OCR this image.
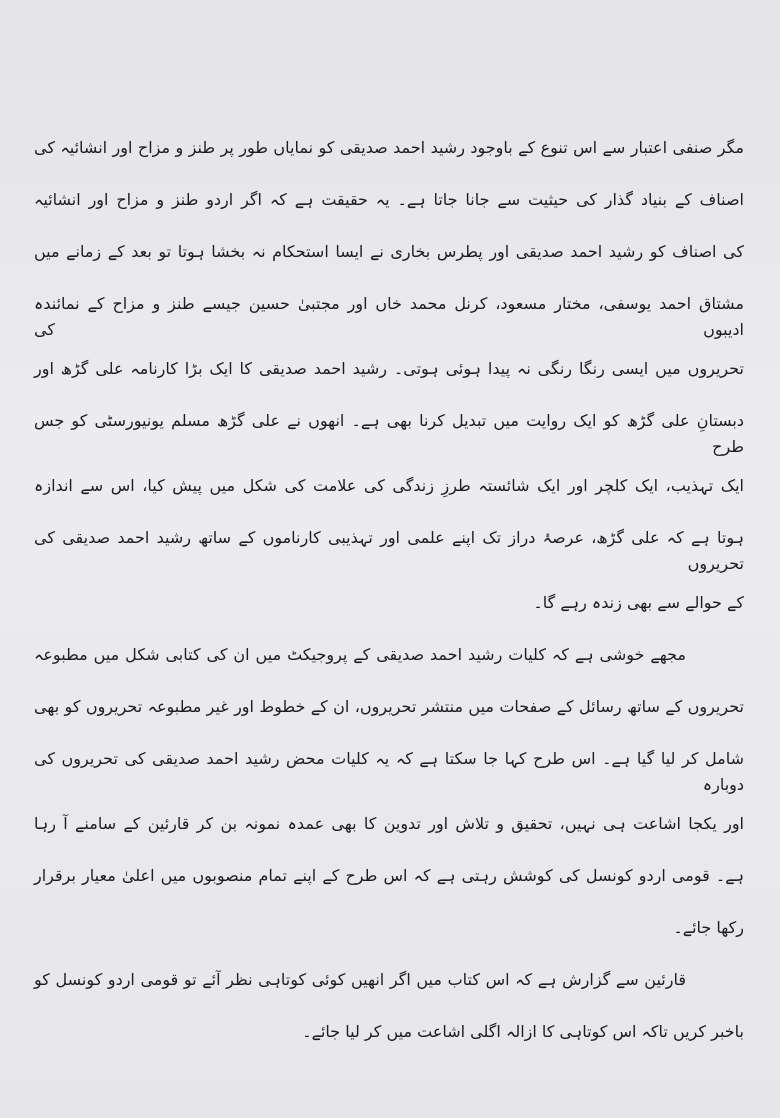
مگر صنفی اعتبار سے اس تنوع کے باوجود رشید احمد صدیقی کو نمایاں طور پر طنز و مزاح اور انشائیہ کی
اصناف کے بنیاد گذار کی حیثیت سے جانا جاتا ہے۔ یہ حقیقت ہے کہ اگر اردو طنز و مزاح اور انشائیہ
کی اصناف کو رشید احمد صدیقی اور پطرس بخاری نے ایسا استحکام نہ بخشا ہوتا تو بعد کے زمانے میں
مشتاق احمد یوسفی، مختار مسعود، کرنل محمد خاں اور مجتبیٰ حسین جیسے طنز و مزاح کے نمائندہ ادیبوں کی
تحریروں میں ایسی رنگا رنگی نہ پیدا ہوئی ہوتی۔ رشید احمد صدیقی کا ایک بڑا کارنامہ علی گڑھ اور
دبستانِ علی گڑھ کو ایک روایت میں تبدیل کرنا بھی ہے۔ انھوں نے علی گڑھ مسلم یونیورسٹی کو جس طرح
ایک تہذیب، ایک کلچر اور ایک شائستہ طرزِ زندگی کی علامت کی شکل میں پیش کیا، اس سے اندازہ
ہوتا ہے کہ علی گڑھ، عرصۂ دراز تک اپنے علمی اور تہذیبی کارناموں کے ساتھ رشید احمد صدیقی کی تحریروں
کے حوالے سے بھی زندہ رہے گا۔
مجھے خوشی ہے کہ کلیات رشید احمد صدیقی کے پروجیکٹ میں ان کی کتابی شکل میں مطبوعہ
تحریروں کے ساتھ رسائل کے صفحات میں منتشر تحریروں، ان کے خطوط اور غیر مطبوعہ تحریروں کو بھی
شامل کر لیا گیا ہے۔ اس طرح کہا جا سکتا ہے کہ یہ کلیات محض رشید احمد صدیقی کی تحریروں کی دوبارہ
اور یکجا اشاعت ہی نہیں، تحقیق و تلاش اور تدوین کا بھی عمدہ نمونہ بن کر قارئین کے سامنے آ رہا
ہے۔ قومی اردو کونسل کی کوشش رہتی ہے کہ اس طرح کے اپنے تمام منصوبوں میں اعلیٰ معیار برقرار
رکھا جائے۔
قارئین سے گزارش ہے کہ اس کتاب میں اگر انھیں کوئی کوتاہی نظر آئے تو قومی اردو کونسل کو
باخبر کریں تاکہ اس کوتاہی کا ازالہ اگلی اشاعت میں کر لیا جائے۔
